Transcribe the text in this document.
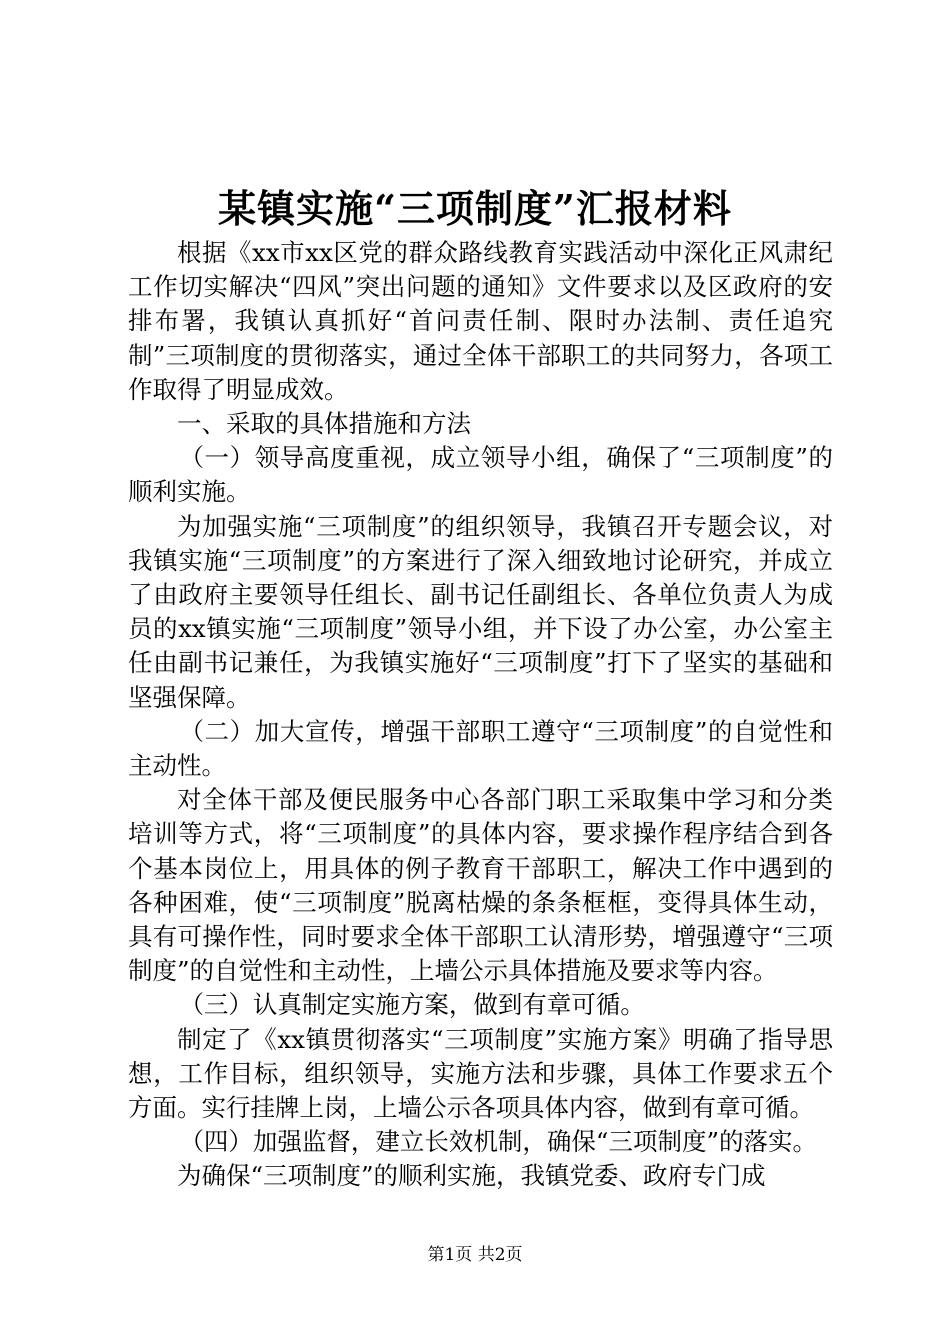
某镇实施“三项制度”汇报材料

根据《xx市xx区党的群众路线教育实践活动中深化正风肃纪工作切实解决“四风”突出问题的通知》文件要求以及区政府的安排布署，我镇认真抓好“首问责任制、限时办法制、责任追究制”三项制度的贯彻落实，通过全体干部职工的共同努力，各项工作取得了明显成效。

一、采取的具体措施和方法

（一）领导高度重视，成立领导小组，确保了“三项制度”的顺利实施。

为加强实施“三项制度”的组织领导，我镇召开专题会议，对我镇实施“三项制度”的方案进行了深入细致地讨论研究，并成立了由政府主要领导任组长、副书记任副组长、各单位负责人为成员的xx镇实施“三项制度”领导小组，并下设了办公室，办公室主任由副书记兼任，为我镇实施好“三项制度”打下了坚实的基础和坚强保障。

（二）加大宣传，增强干部职工遵守“三项制度”的自觉性和主动性。

对全体干部及便民服务中心各部门职工采取集中学习和分类培训等方式，将“三项制度”的具体内容，要求操作程序结合到各个基本岗位上，用具体的例子教育干部职工，解决工作中遇到的各种困难，使“三项制度”脱离枯燥的条条框框，变得具体生动，具有可操作性，同时要求全体干部职工认清形势，增强遵守“三项制度”的自觉性和主动性，上墙公示具体措施及要求等内容。

（三）认真制定实施方案，做到有章可循。

制定了《xx镇贯彻落实“三项制度”实施方案》明确了指导思想，工作目标，组织领导，实施方法和步骤，具体工作要求五个方面。实行挂牌上岗，上墙公示各项具体内容，做到有章可循。

（四）加强监督，建立长效机制，确保“三项制度”的落实。

为确保“三项制度”的顺利实施，我镇党委、政府专门成

第1页 共2页
